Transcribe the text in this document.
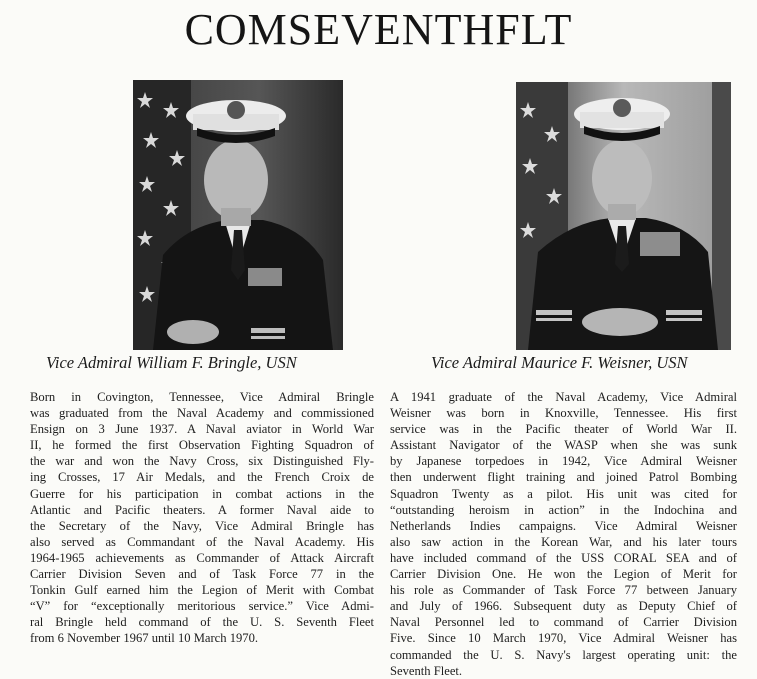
COMSEVENTHFLT
Vice Admiral William F. Bringle, USN	Vice Admiral Maurice F. Weisner, USN
Born in Covington, Tennessee, Vice Admiral Bringle
was graduated from the Naval Academy and commissioned
Ensign on 3 June 1937. A Naval aviator in World War
II, he formed the first Observation Fighting Squadron of
the war and won the Navy Cross, six Distinguished Fly-
ing Crosses, 17 Air Medals, and the French Croix de
Guerre for his participation in combat actions in the
Atlantic and Pacific theaters. A former Naval aide to
the Secretary of the Navy, Vice Admiral Bringle has
also served as Commandant of the Naval Academy. His
1964-1965 achievements as Commander of Attack Aircraft
Carrier Division Seven and of Task Force 77 in the
Tonkin Gulf earned him the Legion of Merit with Combat
“V” for “exceptionally meritorious service.” Vice Admi-
ral Bringle held command of the U. S. Seventh Fleet
from 6 November 1967 until 10 March 1970.
A 1941 graduate of the Naval Academy, Vice Admiral
Weisner was born in Knoxville, Tennessee. His first
service was in the Pacific theater of World War II.
Assistant Navigator of the WASP when she was sunk
by Japanese torpedoes in 1942, Vice Admiral Weisner
then underwent flight training and joined Patrol Bombing
Squadron Twenty as a pilot. His unit was cited for
“outstanding heroism in action” in the Indochina and
Netherlands Indies campaigns. Vice Admiral Weisner
also saw action in the Korean War, and his later tours
have included command of the USS CORAL SEA and of
Carrier Division One. He won the Legion of Merit for
his role as Commander of Task Force 77 between January
and July of 1966. Subsequent duty as Deputy Chief of
Naval Personnel led to command of Carrier Division
Five. Since 10 March 1970, Vice Admiral Weisner has
commanded the U. S. Navy's largest operating unit: the
Seventh Fleet.
